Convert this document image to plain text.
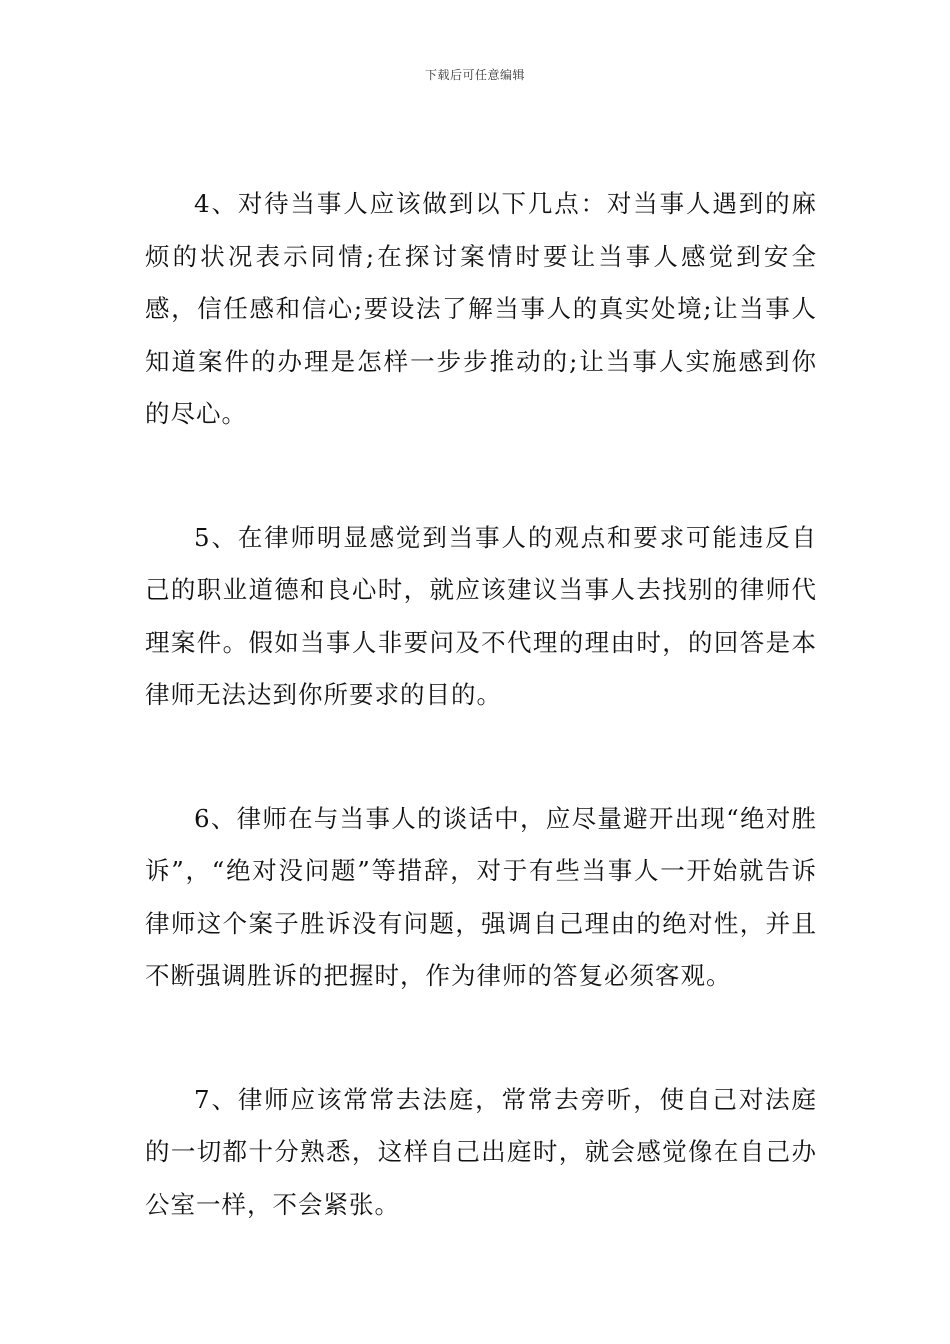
下载后可任意编辑

4、对待当事人应该做到以下几点：对当事人遇到的麻烦的状况表示同情;在探讨案情时要让当事人感觉到安全感，信任感和信心;要设法了解当事人的真实处境;让当事人知道案件的办理是怎样一步步推动的;让当事人实施感到你的尽心。

5、在律师明显感觉到当事人的观点和要求可能违反自己的职业道德和良心时，就应该建议当事人去找别的律师代理案件。假如当事人非要问及不代理的理由时，的回答是本律师无法达到你所要求的目的。

6、律师在与当事人的谈话中，应尽量避开出现“绝对胜诉”，“绝对没问题”等措辞，对于有些当事人一开始就告诉律师这个案子胜诉没有问题，强调自己理由的绝对性，并且不断强调胜诉的把握时，作为律师的答复必须客观。

7、律师应该常常去法庭，常常去旁听，使自己对法庭的一切都十分熟悉，这样自己出庭时，就会感觉像在自己办公室一样，不会紧张。
